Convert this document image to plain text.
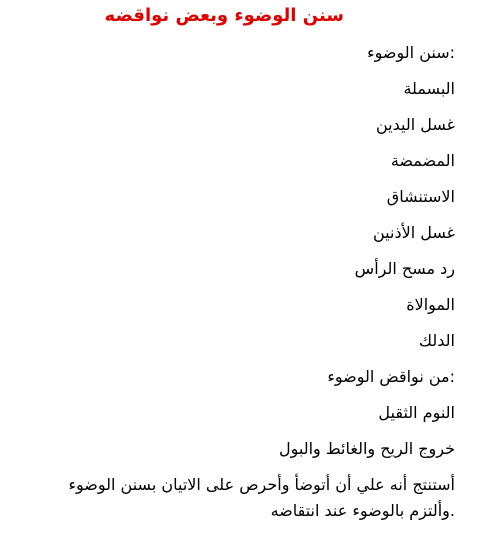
سنن الوضوء وبعض نواقضه
:سنن الوضوء
البسملة
غسل اليدين
المضمضة
الاستنشاق
غسل الأذنين
رد مسح الرأس
الموالاة
الدلك
:من نواقض الوضوء
النوم الثقيل
خروج الريح والغائط والبول
أستنتج أنه علي أن أتوضأ وأحرص على الاتيان بسنن الوضوء
.وألتزم بالوضوء عند انتقاضه
